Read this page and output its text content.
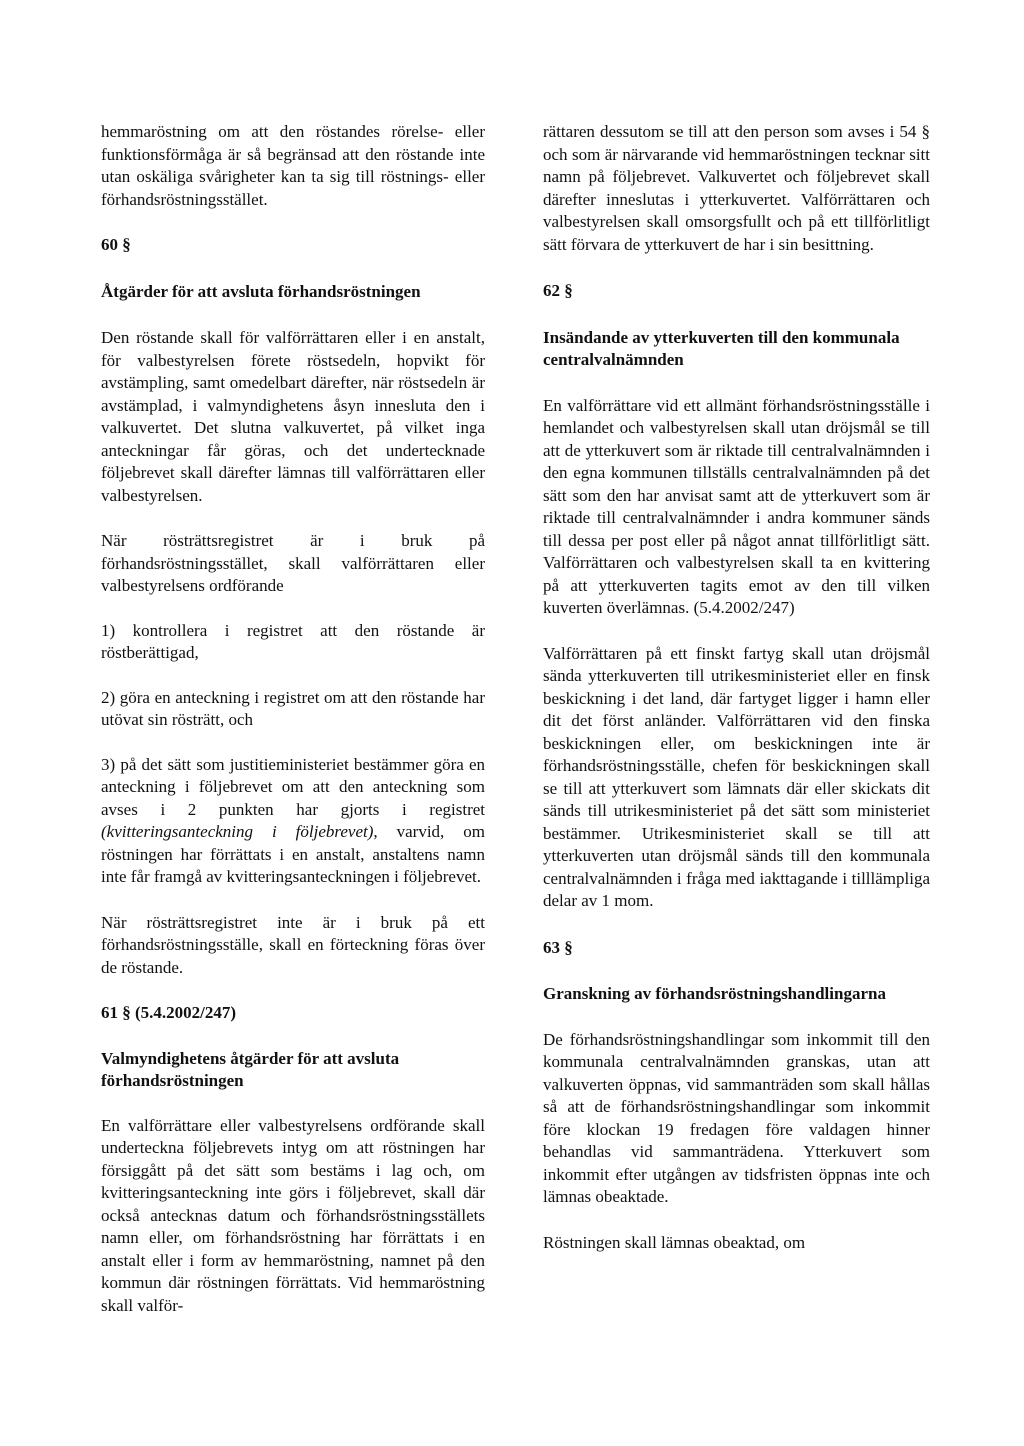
hemmaröstning om att den röstandes rörelse- eller funktionsförmåga är så begränsad att den röstande inte utan oskäliga svårigheter kan ta sig till röstnings- eller förhandsröstningsstället.

60 §
Åtgärder för att avsluta förhandsröstningen

Den röstande skall för valförrättaren eller i en anstalt, för valbestyrelsen förete röstsedeln, hopvikt för avstämpling, samt omedelbart därefter, när röstsedeln är avstämplad, i valmyndighetens åsyn innesluta den i valkuvertet. Det slutna valkuvertet, på vilket inga anteckningar får göras, och det undertecknade följebrevet skall därefter lämnas till valförrättaren eller valbestyrelsen.

När rösträttsregistret är i bruk på förhandsröstningsstället, skall valförrättaren eller valbestyrelsens ordförande

1) kontrollera i registret att den röstande är röstberättigad,

2) göra en anteckning i registret om att den röstande har utövat sin rösträtt, och

3) på det sätt som justitieministeriet bestämmer göra en anteckning i följebrevet om att den anteckning som avses i 2 punkten har gjorts i registret (kvitteringsanteckning i följebrevet), varvid, om röstningen har förrättats i en anstalt, anstaltens namn inte får framgå av kvitteringsanteckningen i följebrevet.

När rösträttsregistret inte är i bruk på ett förhandsröstningsställe, skall en förteckning föras över de röstande.

61 § (5.4.2002/247)
Valmyndighetens åtgärder för att avsluta förhandsröstningen

En valförrättare eller valbestyrelsens ordförande skall underteckna följebrevets intyg om att röstningen har försiggått på det sätt som bestäms i lag och, om kvitteringsanteckning inte görs i följebrevet, skall där också antecknas datum och förhandsröstningsställets namn eller, om förhandsröstning har förrättats i en anstalt eller i form av hemmaröstning, namnet på den kommun där röstningen förrättats. Vid hemmaröstning skall valför-

rättaren dessutom se till att den person som avses i 54 § och som är närvarande vid hemmaröstningen tecknar sitt namn på följebrevet. Valkuvertet och följebrevet skall därefter inneslutas i ytterkuvertet. Valförrättaren och valbestyrelsen skall omsorgsfullt och på ett tillförlitligt sätt förvara de ytterkuvert de har i sin besittning.

62 §
Insändande av ytterkuverten till den kommunala centralvalnämnden

En valförrättare vid ett allmänt förhandsröstningsställe i hemlandet och valbestyrelsen skall utan dröjsmål se till att de ytterkuvert som är riktade till centralvalnämnden i den egna kommunen tillställs centralvalnämnden på det sätt som den har anvisat samt att de ytterkuvert som är riktade till centralvalnämnder i andra kommuner sänds till dessa per post eller på något annat tillförlitligt sätt. Valförrättaren och valbestyrelsen skall ta en kvittering på att ytterkuverten tagits emot av den till vilken kuverten överlämnas. (5.4.2002/247)

Valförrättaren på ett finskt fartyg skall utan dröjsmål sända ytterkuverten till utrikesministeriet eller en finsk beskickning i det land, där fartyget ligger i hamn eller dit det först anländer. Valförrättaren vid den finska beskickningen eller, om beskickningen inte är förhandsröstningsställe, chefen för beskickningen skall se till att ytterkuvert som lämnats där eller skickats dit sänds till utrikesministeriet på det sätt som ministeriet bestämmer. Utrikesministeriet skall se till att ytterkuverten utan dröjsmål sänds till den kommunala centralvalnämnden i fråga med iakttagande i tilllämpliga delar av 1 mom.

63 §
Granskning av förhandsröstningshandlingarna

De förhandsröstningshandlingar som inkommit till den kommunala centralvalnämnden granskas, utan att valkuverten öppnas, vid sammanträden som skall hållas så att de förhandsröstningshandlingar som inkommit före klockan 19 fredagen före valdagen hinner behandlas vid sammanträdena. Ytterkuvert som inkommit efter utgången av tidsfristen öppnas inte och lämnas obeaktade.

Röstningen skall lämnas obeaktad, om
